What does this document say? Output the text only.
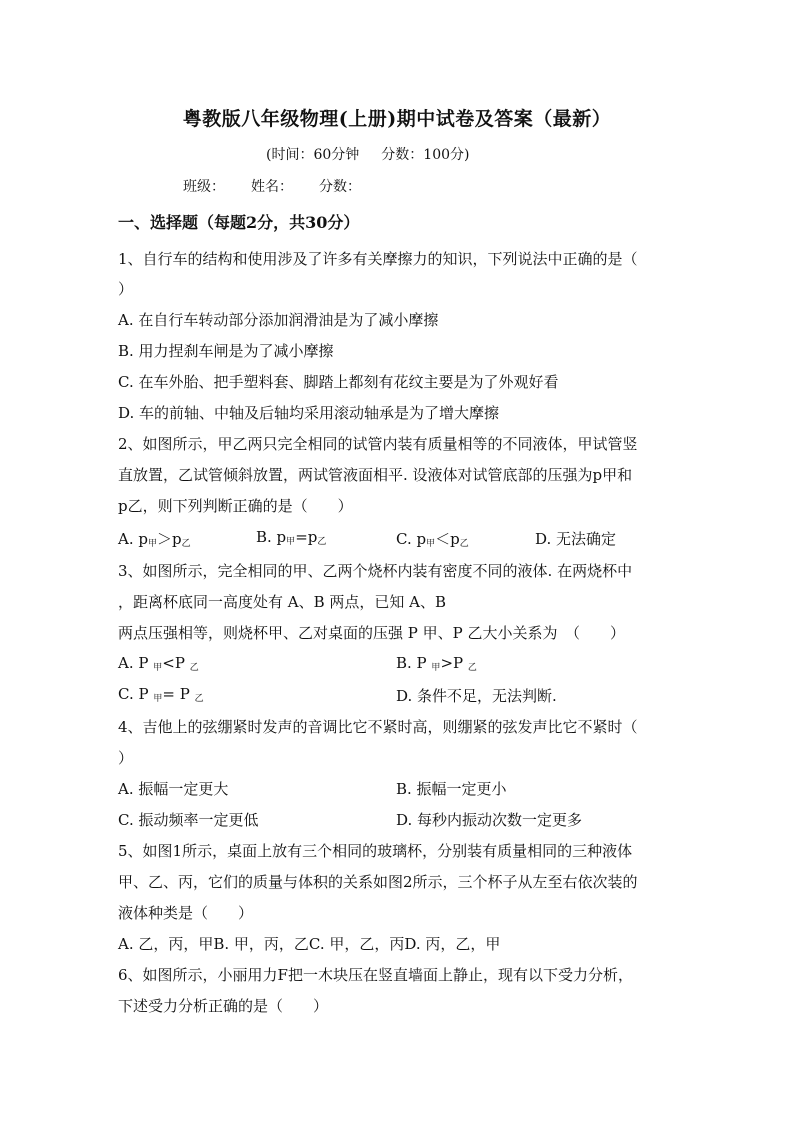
粤教版八年级物理(上册)期中试卷及答案（最新）
(时间：60分钟 分数：100分)
班级： 姓名： 分数：
一、选择题（每题2分，共30分）
1、自行车的结构和使用涉及了许多有关摩擦力的知识，下列说法中正确的是（
）
A. 在自行车转动部分添加润滑油是为了减小摩擦
B. 用力捏刹车闸是为了减小摩擦
C. 在车外胎、把手塑料套、脚踏上都刻有花纹主要是为了外观好看
D. 车的前轴、中轴及后轴均采用滚动轴承是为了增大摩擦
2、如图所示，甲乙两只完全相同的试管内装有质量相等的不同液体，甲试管竖
直放置，乙试管倾斜放置，两试管液面相平. 设液体对试管底部的压强为p甲和
p乙，则下列判断正确的是（　　）
A. $p_甲>p_乙$	B. $p_甲=p_乙$	C. $p_甲<p_乙$	D. 无法确定
3、如图所示，完全相同的甲、乙两个烧杯内装有密度不同的液体. 在两烧杯中
，距离杯底同一高度处有 A、B 两点，已知 A、B
两点压强相等，则烧杯甲、乙对桌面的压强 P 甲、P 乙大小关系为　（　　）
A. P $_甲$<P $_乙$	B. P $_甲$>P $_乙$
C. P $_甲$= P $_乙$	D. 条件不足，无法判断.
4、吉他上的弦绷紧时发声的音调比它不紧时高，则绷紧的弦发声比它不紧时（
）
A. 振幅一定更大	B. 振幅一定更小
C. 振动频率一定更低	D. 每秒内振动次数一定更多
5、如图1所示，桌面上放有三个相同的玻璃杯，分别装有质量相同的三种液体
甲、乙、丙，它们的质量与体积的关系如图2所示，三个杯子从左至右依次装的
液体种类是（　　）
A. 乙，丙，甲B. 甲，丙，乙C. 甲，乙，丙D. 丙，乙，甲
6、如图所示，小丽用力F把一木块压在竖直墙面上静止，现有以下受力分析，
下述受力分析正确的是（　　）
